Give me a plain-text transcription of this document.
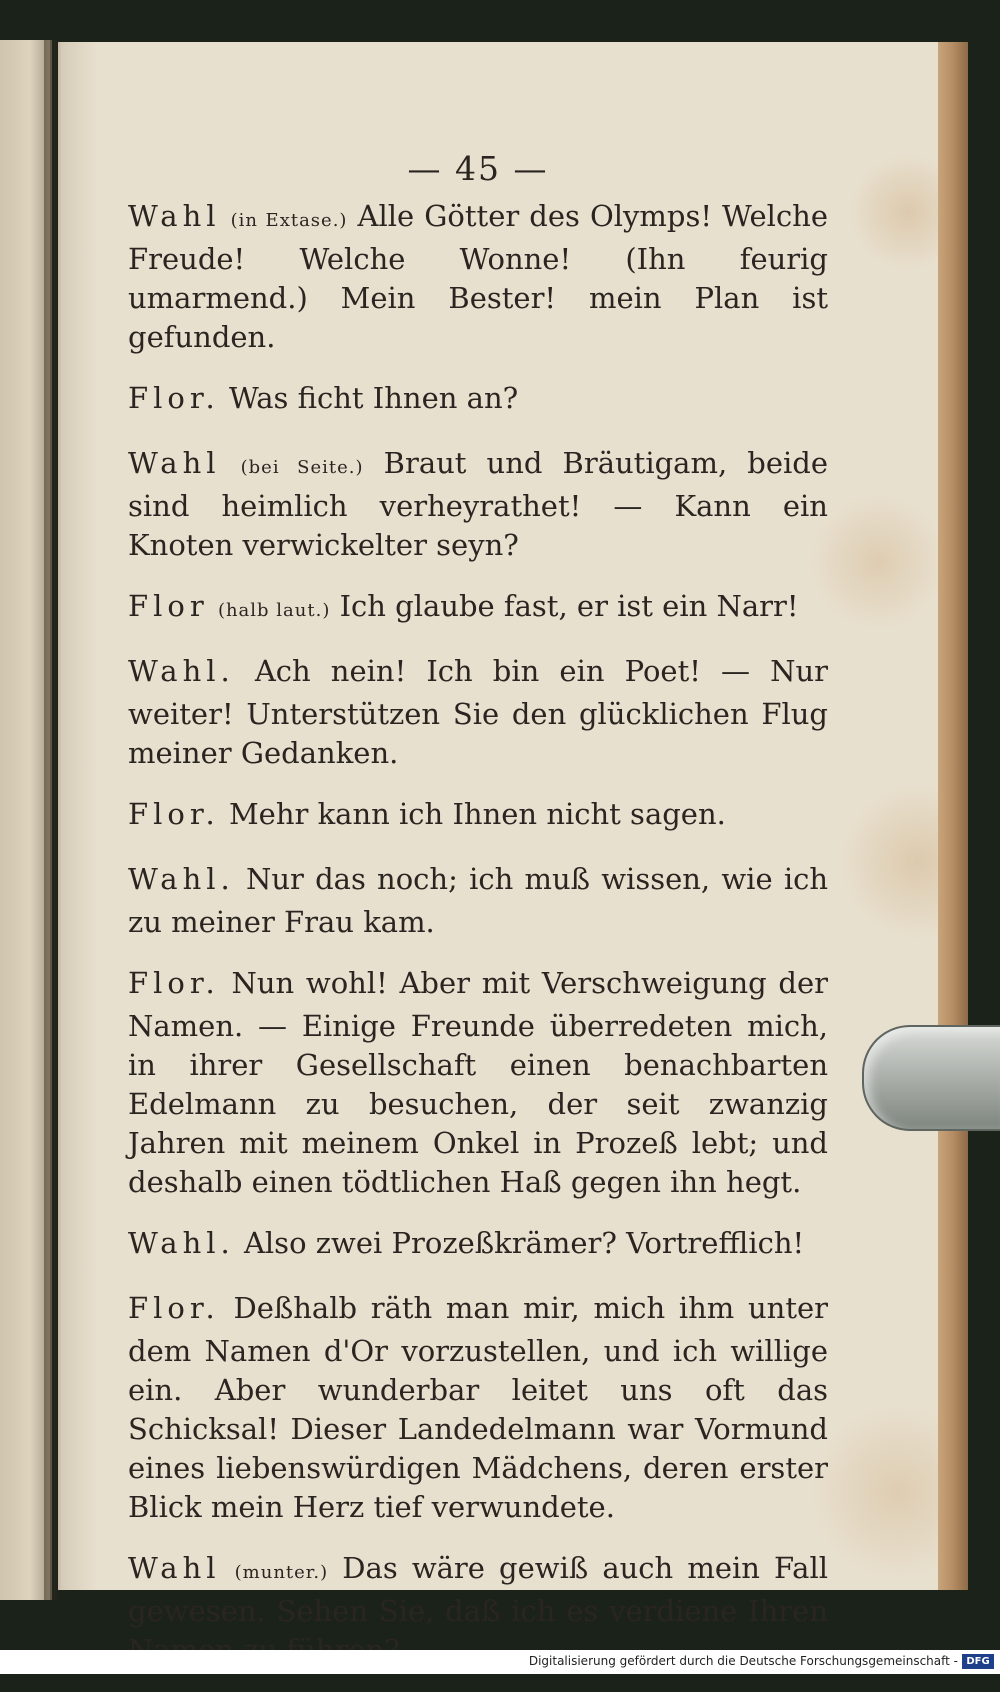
— 45 —

Wahl (in Extase.) Alle Götter des Olymps! Welche Freude! Welche Wonne! (Ihn feurig umarmend.) Mein Bester! mein Plan ist gefunden.

Flor. Was ficht Ihnen an?

Wahl (bei Seite.) Braut und Bräutigam, beide sind heimlich verheyrathet! — Kann ein Knoten verwickelter seyn?

Flor (halb laut.) Ich glaube fast, er ist ein Narr!

Wahl. Ach nein! Ich bin ein Poet! — Nur weiter! Unterstützen Sie den glücklichen Flug meiner Gedanken.

Flor. Mehr kann ich Ihnen nicht sagen.

Wahl. Nur das noch; ich muß wissen, wie ich zu meiner Frau kam.

Flor. Nun wohl! Aber mit Verschweigung der Namen. — Einige Freunde überredeten mich, in ihrer Gesellschaft einen benachbarten Edelmann zu besuchen, der seit zwanzig Jahren mit meinem Onkel in Prozeß lebt; und deshalb einen tödtlichen Haß gegen ihn hegt.

Wahl. Also zwei Prozeßkrämer? Vortrefflich!

Flor. Deßhalb räth man mir, mich ihm unter dem Namen d'Or vorzustellen, und ich willige ein. Aber wunderbar leitet uns oft das Schicksal! Dieser Landedelmann war Vormund eines liebenswürdigen Mädchens, deren erster Blick mein Herz tief verwundete.

Wahl (munter.) Das wäre gewiß auch mein Fall gewesen. Sehen Sie, daß ich es verdiene Ihren

Digitalisierung gefördert durch die Deutsche Forschungsgemeinschaft - DFG
